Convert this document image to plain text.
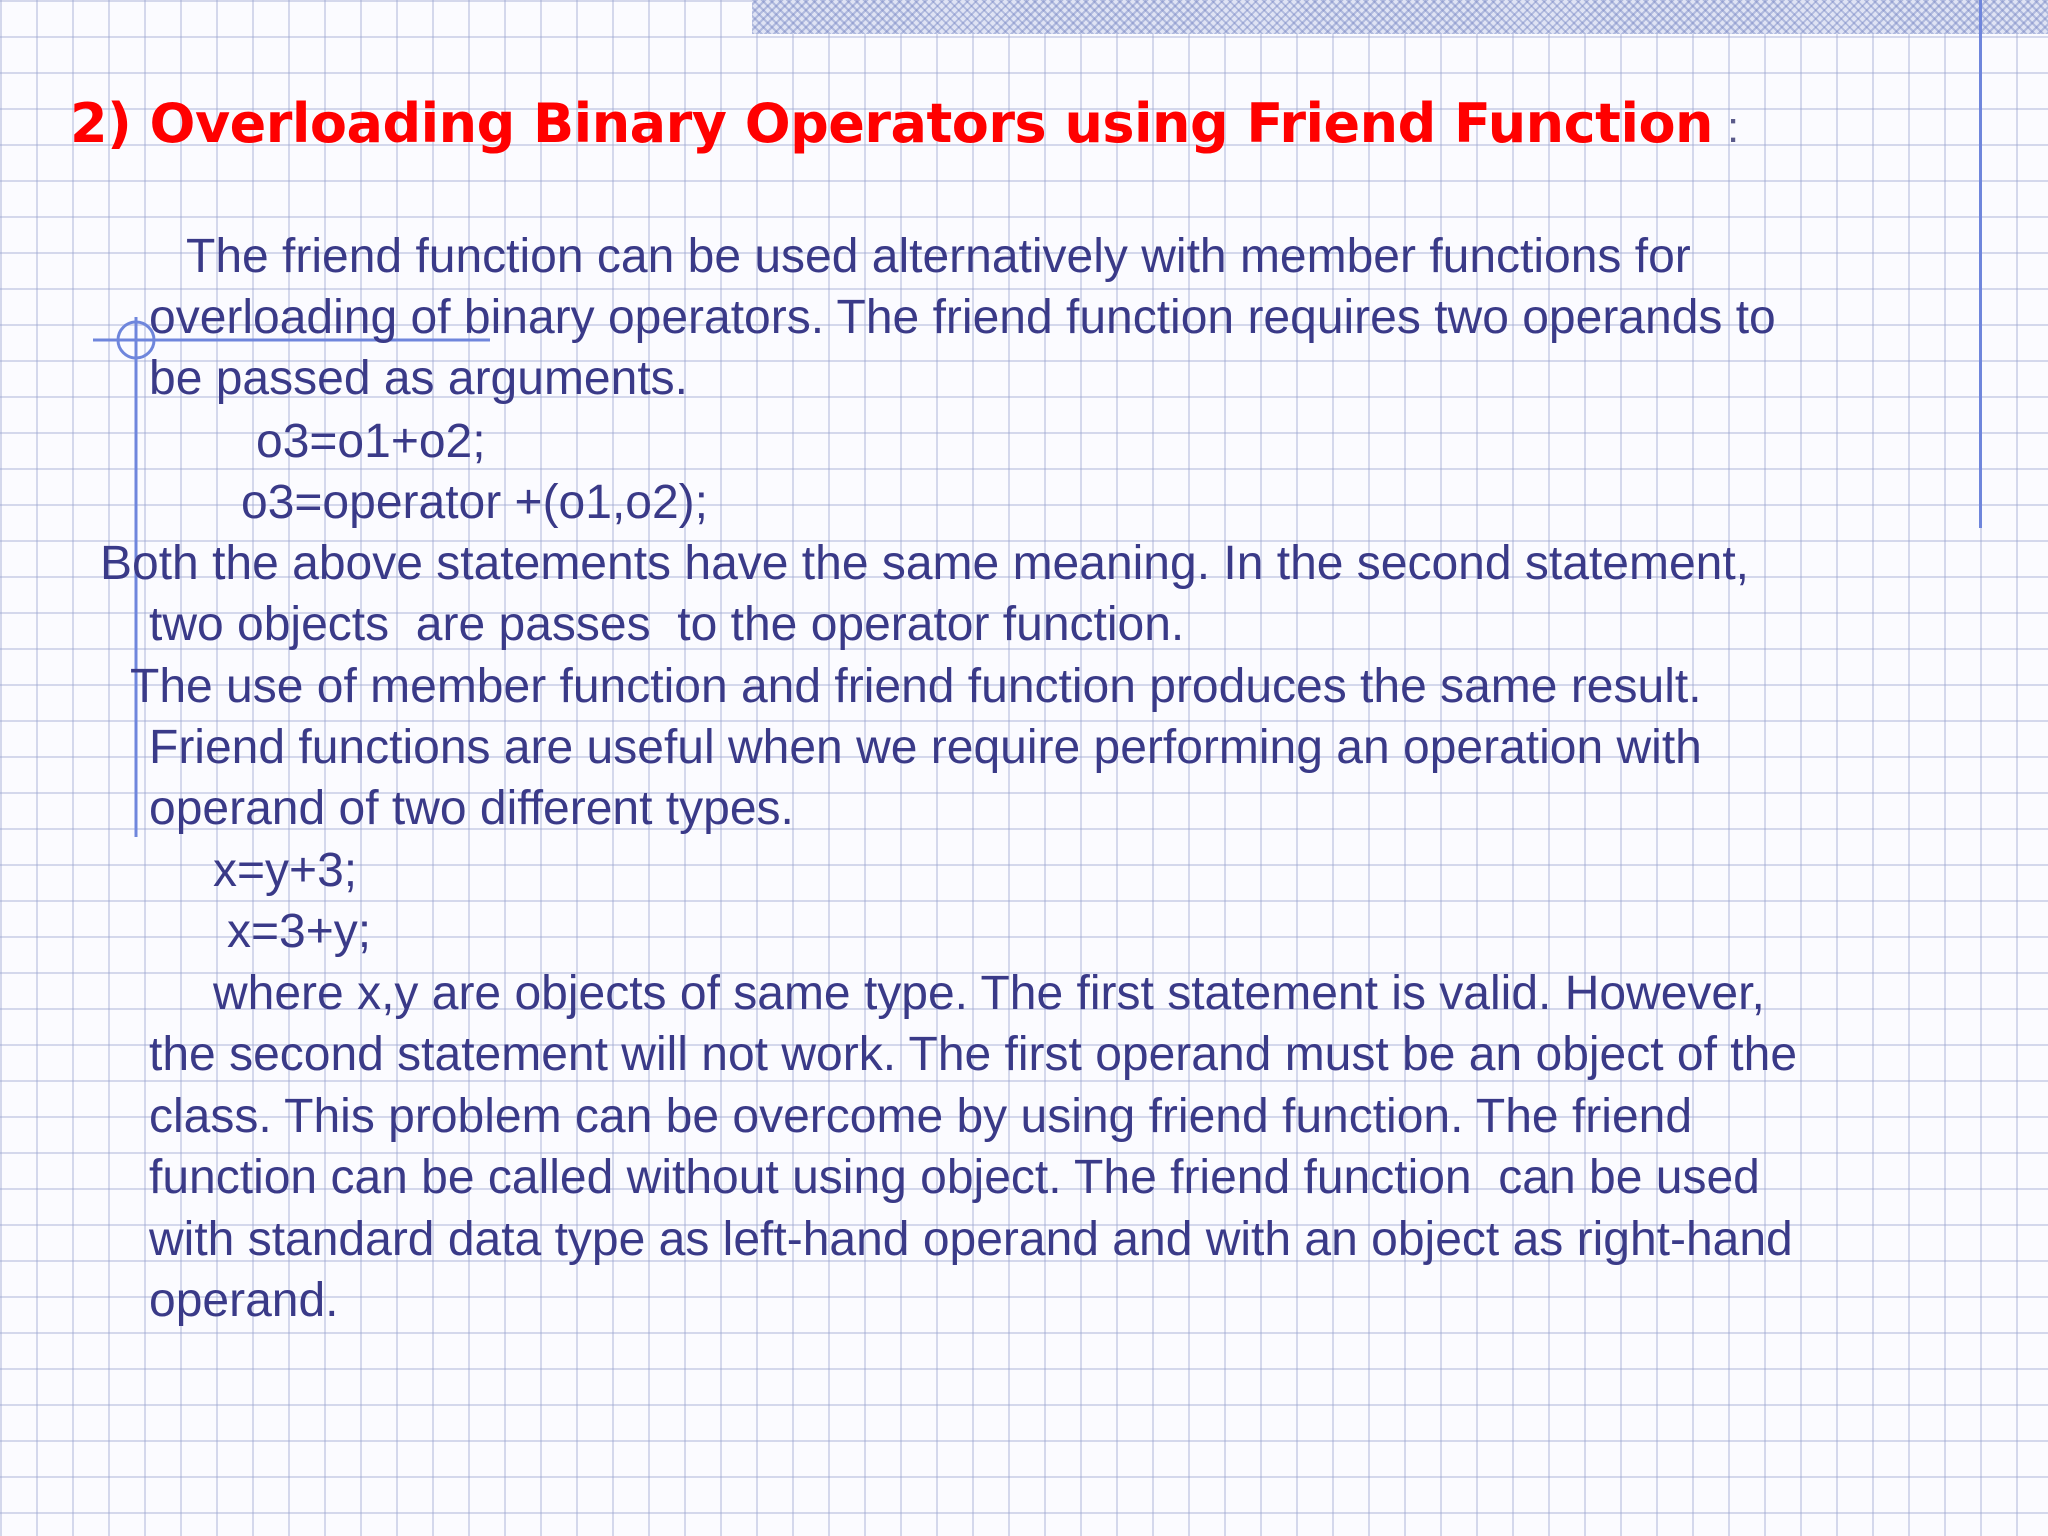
2) Overloading Binary Operators using Friend Function :

The friend function can be used alternatively with member functions for

overloading of binary operators. The friend function requires two operands to

be passed as arguments.

o3=o1+o2;

o3=operator +(o1,o2);

Both the above statements have the same meaning. In the second statement,

two objects  are passes  to the operator function.

The use of member function and friend function produces the same result.

Friend functions are useful when we require performing an operation with

operand of two different types.

x=y+3;

x=3+y;

where x,y are objects of same type. The first statement is valid. However,

the second statement will not work. The first operand must be an object of the

class. This problem can be overcome by using friend function. The friend

function can be called without using object. The friend function  can be used

with standard data type as left-hand operand and with an object as right-hand

operand.
